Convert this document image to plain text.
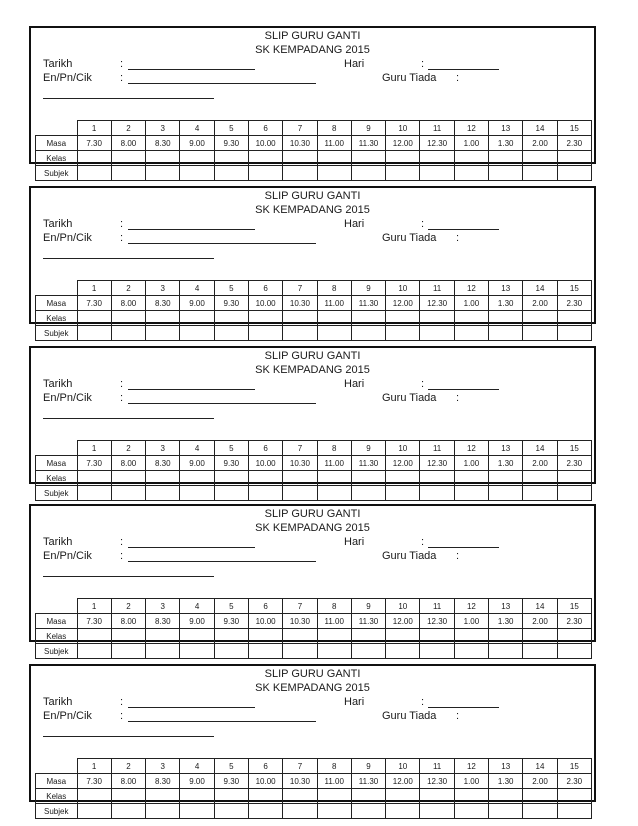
SLIP GURU GANTI
SK KEMPADANG 2015
Tarikh	:	Hari	:
En/Pn/Cik	:	Guru Tiada :
	1	2	3	4	5	6	7	8	9	10	11	12	13	14	15
Masa	7.30	8.00	8.30	9.00	9.30	10.00	10.30	11.00	11.30	12.00	12.30	1.00	1.30	2.00	2.30
Kelas															
Subjek															
SLIP GURU GANTI
SK KEMPADANG 2015
Tarikh	:	Hari	:
En/Pn/Cik	:	Guru Tiada :
	1	2	3	4	5	6	7	8	9	10	11	12	13	14	15
Masa	7.30	8.00	8.30	9.00	9.30	10.00	10.30	11.00	11.30	12.00	12.30	1.00	1.30	2.00	2.30
Kelas															
Subjek															
SLIP GURU GANTI
SK KEMPADANG 2015
Tarikh	:	Hari	:
En/Pn/Cik	:	Guru Tiada :
	1	2	3	4	5	6	7	8	9	10	11	12	13	14	15
Masa	7.30	8.00	8.30	9.00	9.30	10.00	10.30	11.00	11.30	12.00	12.30	1.00	1.30	2.00	2.30
Kelas															
Subjek															
SLIP GURU GANTI
SK KEMPADANG 2015
Tarikh	:	Hari	:
En/Pn/Cik	:	Guru Tiada :
	1	2	3	4	5	6	7	8	9	10	11	12	13	14	15
Masa	7.30	8.00	8.30	9.00	9.30	10.00	10.30	11.00	11.30	12.00	12.30	1.00	1.30	2.00	2.30
Kelas															
Subjek															
SLIP GURU GANTI
SK KEMPADANG 2015
Tarikh	:	Hari	:
En/Pn/Cik	:	Guru Tiada :
	1	2	3	4	5	6	7	8	9	10	11	12	13	14	15
Masa	7.30	8.00	8.30	9.00	9.30	10.00	10.30	11.00	11.30	12.00	12.30	1.00	1.30	2.00	2.30
Kelas															
Subjek															
